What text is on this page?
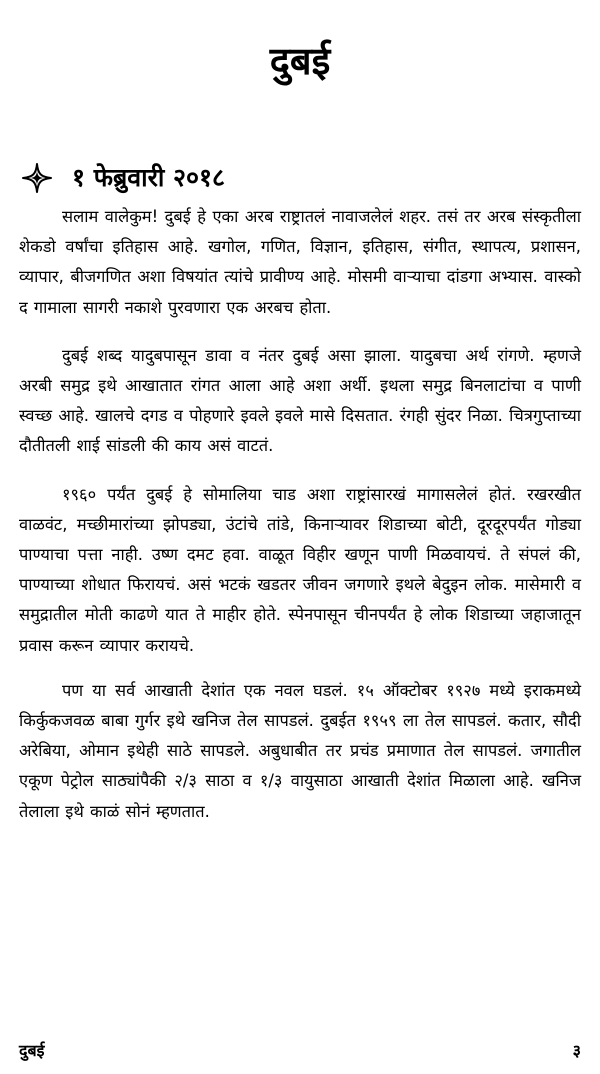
दुबई
१ फेब्रुवारी २०१८

सलाम वालेकुम! दुबई हे एका अरब राष्ट्रातलं नावाजलेलं शहर. तसं तर अरब संस्कृतीला शेकडो वर्षांचा इतिहास आहे. खगोल, गणित, विज्ञान, इतिहास, संगीत, स्थापत्य, प्रशासन, व्यापार, बीजगणित अशा विषयांत त्यांचे प्रावीण्य आहे. मोसमी वाऱ्याचा दांडगा अभ्यास. वास्को द गामाला सागरी नकाशे पुरवणारा एक अरबच होता.

दुबई शब्द यादुबपासून डावा व नंतर दुबई असा झाला. यादुबचा अर्थ रांगणे. म्हणजे अरबी समुद्र इथे आखातात रांगत आला आहे अशा अर्थी. इथला समुद्र बिनलाटांचा व पाणी स्वच्छ आहे. खालचे दगड व पोहणारे इवले इवले मासे दिसतात. रंगही सुंदर निळा. चित्रगुप्ताच्या दौतीतली शाई सांडली की काय असं वाटतं.

१९६० पर्यंत दुबई हे सोमालिया चाड अशा राष्ट्रांसारखं मागासलेलं होतं. रखरखीत वाळवंट, मच्छीमारांच्या झोपड्या, उंटांचे तांडे, किनाऱ्यावर शिडाच्या बोटी, दूरदूरपर्यंत गोड्या पाण्याचा पत्ता नाही. उष्ण दमट हवा. वाळूत विहीर खणून पाणी मिळवायचं. ते संपलं की, पाण्याच्या शोधात फिरायचं. असं भटकं खडतर जीवन जगणारे इथले बेदुइन लोक. मासेमारी व समुद्रातील मोती काढणे यात ते माहीर होते. स्पेनपासून चीनपर्यंत हे लोक शिडाच्या जहाजातून प्रवास करून व्यापार करायचे.

पण या सर्व आखाती देशांत एक नवल घडलं. १५ ऑक्टोबर १९२७ मध्ये इराकमध्ये किर्कुकजवळ बाबा गुर्गर इथे खनिज तेल सापडलं. दुबईत १९५९ ला तेल सापडलं. कतार, सौदी अरेबिया, ओमान इथेही साठे सापडले. अबुधाबीत तर प्रचंड प्रमाणात तेल सापडलं. जगातील एकूण पेट्रोल साठ्यांपैकी २/३ साठा व १/३ वायुसाठा आखाती देशांत मिळाला आहे. खनिज तेलाला इथे काळं सोनं म्हणतात.

दुबई	३
